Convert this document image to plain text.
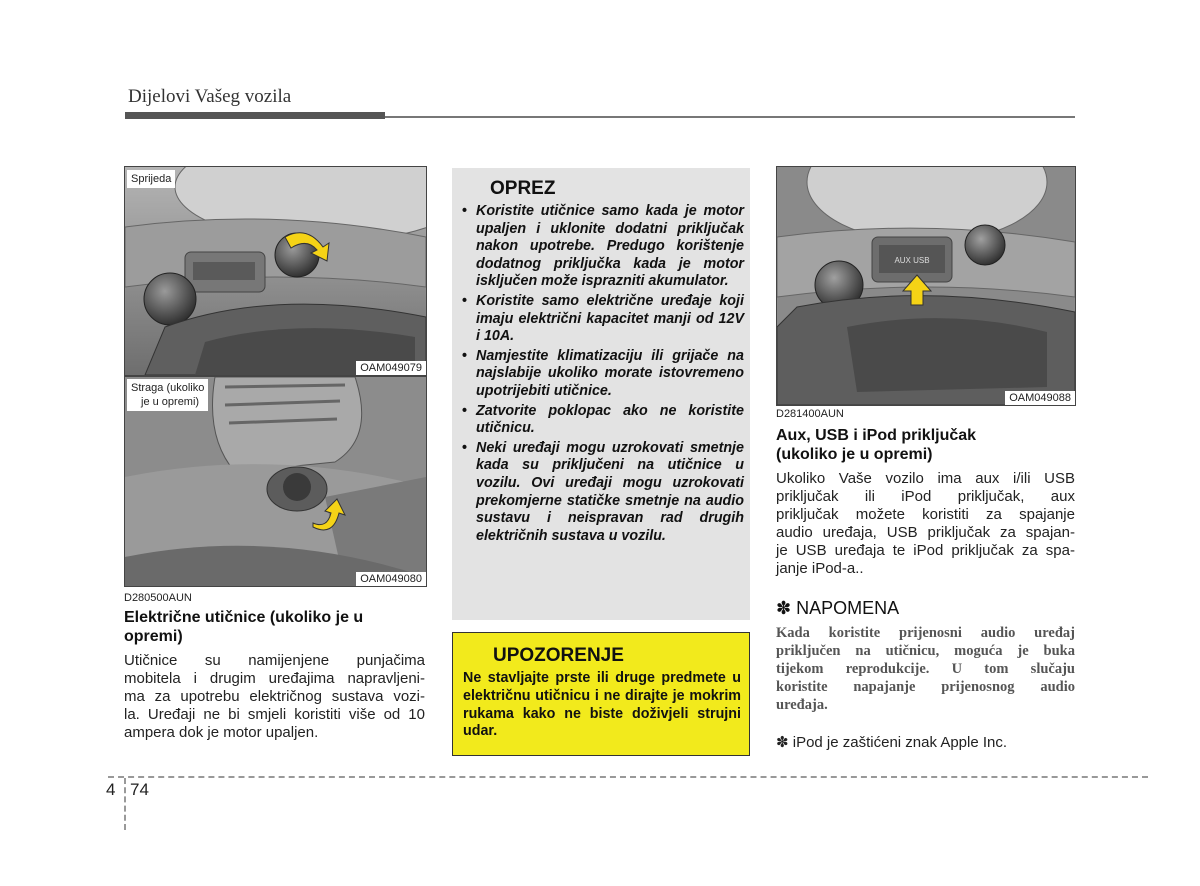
Dijelovi Vašeg vozila
Sprijeda
OAM049079
Straga (ukoliko
je u opremi)
OAM049080
D280500AUN
Električne utičnice (ukoliko je u
opremi)
Utičnice su namijenjene punjačima
mobitela i drugim uređajima napravljeni-
ma za upotrebu električnog sustava vozi-
la. Uređaji ne bi smjeli koristiti više od 10
ampera dok je motor upaljen.
OPREZ
• Koristite utičnice samo kada je motor upaljen i uklonite dodatni priključak nakon upotrebe. Predugo korištenje dodatnog priključka kada je motor isključen može isprazniti akumulator.
• Koristite samo električne uređaje koji imaju električni kapacitet manji od 12V i 10A.
• Namjestite klimatizaciju ili grijače na najslabije ukoliko morate istovremeno upotrijebiti utičnice.
• Zatvorite poklopac ako ne koristite utičnicu.
• Neki uređaji mogu uzrokovati smetnje kada su priključeni na utičnice u vozilu. Ovi uređaji mogu uzrokovati prekomjerne statičke smetnje na audio sustavu i neispravan rad drugih električnih sustava u vozilu.
UPOZORENJE
Ne stavljajte prste ili druge predmete u električnu utičnicu i ne dirajte je mokrim rukama kako ne biste doživjeli strujni udar.
AUX USB
OAM049088
D281400AUN
Aux, USB i iPod priključak
(ukoliko je u opremi)
Ukoliko Vaše vozilo ima aux i/ili USB
priključak ili iPod priključak, aux
priključak možete koristiti za spajanje
audio uređaja, USB priključak za spajan-
je USB uređaja te iPod priključak za spa-
janje iPod-a..
✽ NAPOMENA
Kada koristite prijenosni audio uređaj
priključen na utičnicu, moguća je buka
tijekom reprodukcije. U tom slučaju
koristite napajanje prijenosnog audio
uređaja.
✽ iPod je zaštićeni znak Apple Inc.
4 74
